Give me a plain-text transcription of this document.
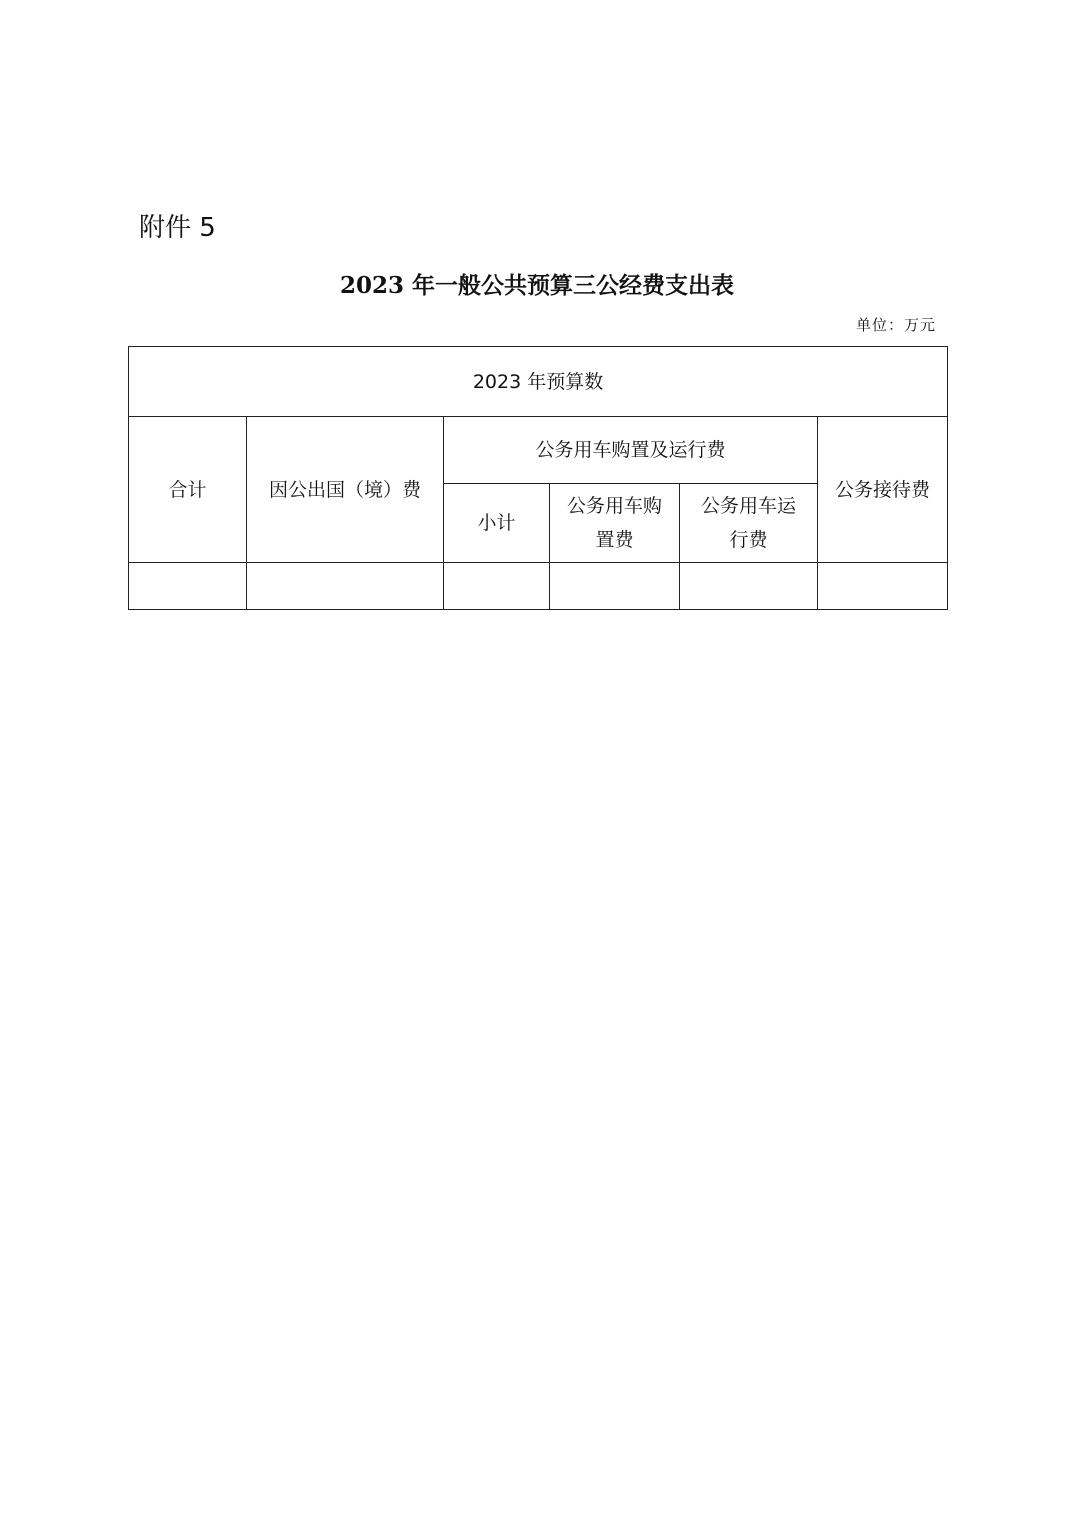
附件 5
2023 年一般公共预算三公经费支出表
单位：万元
2023 年预算数					
合计	因公出国（境）费	公务用车购置及运行费			公务接待费
		小计	公务用车购置费	公务用车运行费	
